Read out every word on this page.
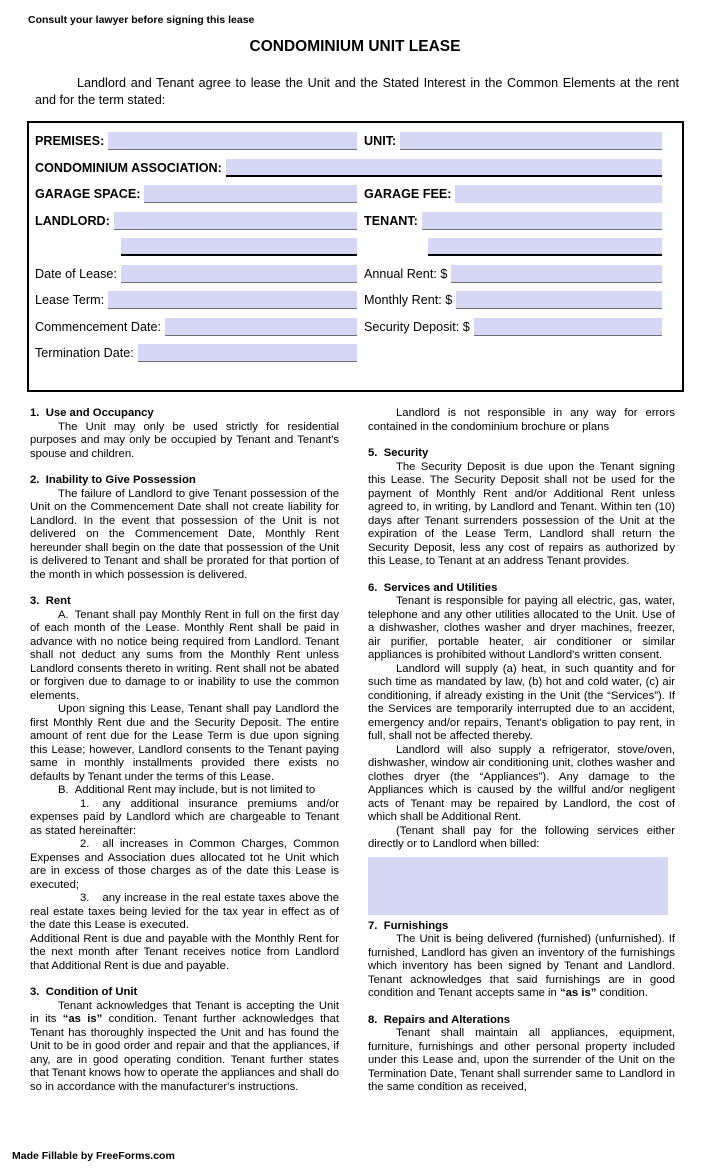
Consult your lawyer before signing this lease
CONDOMINIUM UNIT LEASE
Landlord and Tenant agree to lease the Unit and the Stated Interest in the Common Elements at the rent and for the term stated:
PREMISES:	UNIT:
CONDOMINIUM ASSOCIATION:
GARAGE SPACE:	GARAGE FEE:
LANDLORD:	TENANT:
Date of Lease:	Annual Rent: $
Lease Term:	Monthly Rent: $
Commencement Date:	Security Deposit: $
Termination Date:

1.  Use and Occupancy

The Unit may only be used strictly for residential purposes and may only be occupied by Tenant and Tenant's spouse and children.

2.  Inability to Give Possession

The failure of Landlord to give Tenant possession of the Unit on the Commencement Date shall not create liability for Landlord. In the event that possession of the Unit is not delivered on the Commencement Date, Monthly Rent hereunder shall begin on the date that possession of the Unit is delivered to Tenant and shall be prorated for that portion of the month in which possession is delivered.

3.  Rent

A. Tenant shall pay Monthly Rent in full on the first day of each month of the Lease. Monthly Rent shall be paid in advance with no notice being required from Landlord. Tenant shall not deduct any sums from the Monthly Rent unless Landlord consents thereto in writing. Rent shall not be abated or forgiven due to damage to or inability to use the common elements.

Upon signing this Lease, Tenant shall pay Landlord the first Monthly Rent due and the Security Deposit. The entire amount of rent due for the Lease Term is due upon signing this Lease; however, Landlord consents to the Tenant paying same in monthly installments provided there exists no defaults by Tenant under the terms of this Lease.

B. Additional Rent may include, but is not limited to

1. any additional insurance premiums and/or expenses paid by Landlord which are chargeable to Tenant as stated hereinafter:

2. all increases in Common Charges, Common Expenses and Association dues allocated tot he Unit which are in excess of those charges as of the date this Lease is executed;

3. any increase in the real estate taxes above the real estate taxes being levied for the tax year in effect as of the date this Lease is executed.

Additional Rent is due and payable with the Monthly Rent for the next month after Tenant receives notice from Landlord that Additional Rent is due and payable.

3.  Condition of Unit

Tenant acknowledges that Tenant is accepting the Unit in its “as is” condition. Tenant further acknowledges that Tenant has thoroughly inspected the Unit and has found the Unit to be in good order and repair and that the appliances, if any, are in good operating condition. Tenant further states that Tenant knows how to operate the appliances and shall do so in accordance with the manufacturer's instructions.

Landlord is not responsible in any way for errors contained in the condominium brochure or plans

5.  Security

The Security Deposit is due upon the Tenant signing this Lease. The Security Deposit shall not be used for the payment of Monthly Rent and/or Additional Rent unless agreed to, in writing, by Landlord and Tenant. Within ten (10) days after Tenant surrenders possession of the Unit at the expiration of the Lease Term, Landlord shall return the Security Deposit, less any cost of repairs as authorized by this Lease, to Tenant at an address Tenant provides.

6.  Services and Utilities

Tenant is responsible for paying all electric, gas, water, telephone and any other utilities allocated to the Unit. Use of a dishwasher, clothes washer and dryer machines, freezer, air purifier, portable heater, air conditioner or similar appliances is prohibited without Landlord's written consent.

Landlord will supply (a) heat, in such quantity and for such time as mandated by law, (b) hot and cold water, (c) air conditioning, if already existing in the Unit (the “Services”). If the Services are temporarily interrupted due to an accident, emergency and/or repairs, Tenant's obligation to pay rent, in full, shall not be affected thereby.

Landlord will also supply a refrigerator, stove/oven, dishwasher, window air conditioning unit, clothes washer and clothes dryer (the “Appliances”). Any damage to the Appliances which is caused by the willful and/or negligent acts of Tenant may be repaired by Landlord, the cost of which shall be Additional Rent.

(Tenant shall pay for the following services either directly or to Landlord when billed:

7.  Furnishings

The Unit is being delivered (furnished) (unfurnished). If furnished, Landlord has given an inventory of the furnishings which inventory has been signed by Tenant and Landlord. Tenant acknowledges that said furnishings are in good condition and Tenant accepts same in “as is” condition.

8.  Repairs and Alterations

Tenant shall maintain all appliances, equipment, furniture, furnishings and other personal property included under this Lease and, upon the surrender of the Unit on the Termination Date, Tenant shall surrender same to Landlord in the same condition as received,

Made Fillable by FreeForms.com
